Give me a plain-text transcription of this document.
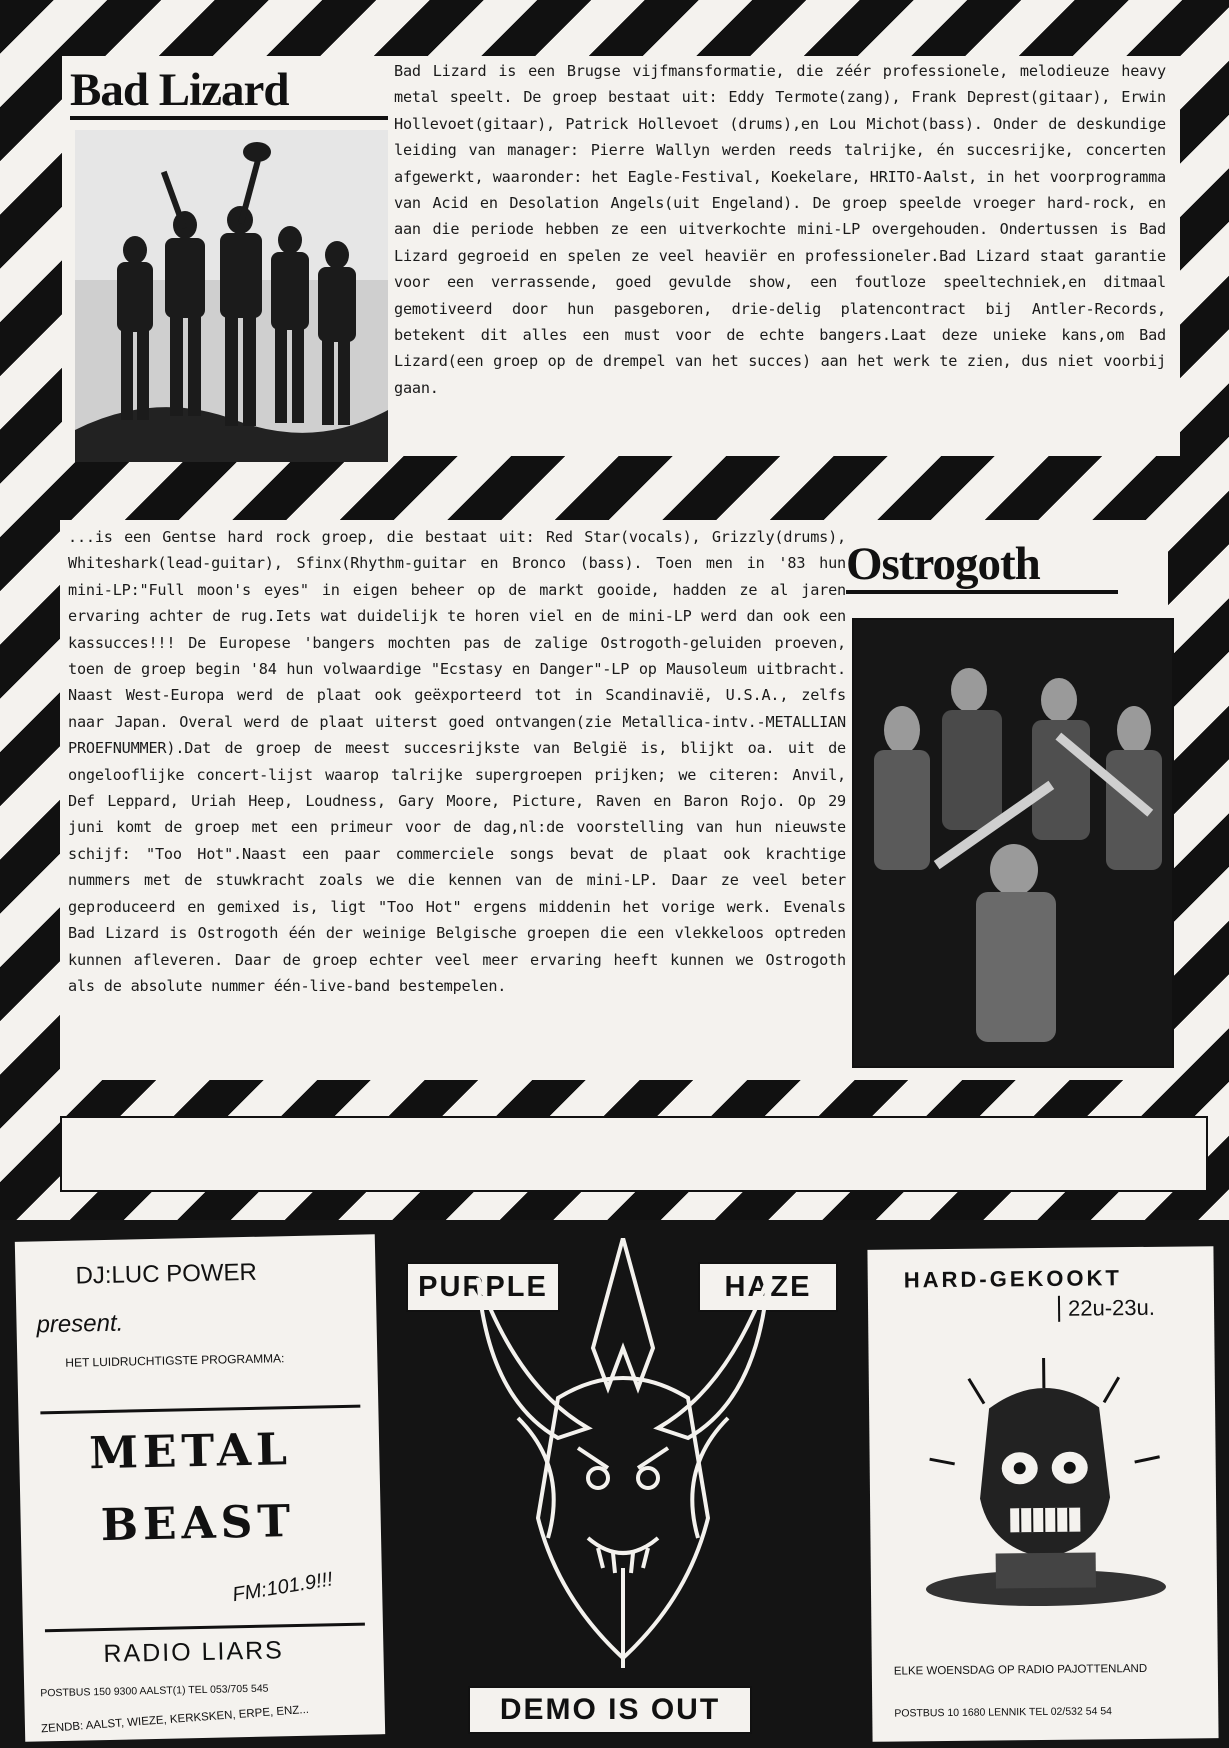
Bad Lizard	Bad Lizard is een Brugse vijfmansformatie, die zéér professionele, melodieuze heavy metal speelt. De groep bestaat uit: Eddy Termote(zang), Frank Deprest(gitaar), Erwin Hollevoet(gitaar), Patrick Hollevoet (drums),en Lou Michot(bass). Onder de deskundige leiding van manager: Pierre Wallyn werden reeds talrijke, én succesrijke, concerten afgewerkt, waaronder: het Eagle-Festival, Koekelare, HRITO-Aalst, in het voorprogramma van Acid en Desolation Angels(uit Engeland). De groep speelde vroeger hard-rock, en aan die periode hebben ze een uitverkochte mini-LP overgehouden. Ondertussen is Bad Lizard gegroeid en spelen ze veel heaviër en professioneler.Bad Lizard staat garantie voor een verrassende, goed gevulde show, een foutloze speeltechniek,en ditmaal gemotiveerd door hun pasgeboren, drie-delig platencontract bij Antler-Records, betekent dit alles een must voor de echte bangers.Laat deze unieke kans,om Bad Lizard(een groep op de drempel van het succes) aan het werk te zien, dus niet voorbij gaan.

...is een Gentse hard rock groep, die bestaat uit: Red Star(vocals), Grizzly(drums), Whiteshark(lead-guitar), Sfinx(Rhythm-guitar en Bronco (bass). Toen men in '83 hun mini-LP:"Full moon's eyes" in eigen beheer op de markt gooide, hadden ze al jaren ervaring achter de rug.Iets wat duidelijk te horen viel en de mini-LP werd dan ook een kassucces!!! De Europese 'bangers mochten pas de zalige Ostrogoth-geluiden proeven, toen de groep begin '84 hun volwaardige "Ecstasy en Danger"-LP op Mausoleum uitbracht. Naast West-Europa werd de plaat ook geëxporteerd tot in Scandinavië, U.S.A., zelfs naar Japan. Overal werd de plaat uiterst goed ontvangen(zie Metallica-intv.-METALLIAN PROEFNUMMER).Dat de groep de meest succesrijkste van België is, blijkt oa. uit de ongelooflijke concert-lijst waarop talrijke supergroepen prijken; we citeren: Anvil, Def Leppard, Uriah Heep, Loudness, Gary Moore, Picture, Raven en Baron Rojo. Op 29 juni komt de groep met een primeur voor de dag,nl:de voorstelling van hun nieuwste schijf: "Too Hot".Naast een paar commerciele songs bevat de plaat ook krachtige nummers met de stuwkracht zoals we die kennen van de mini-LP. Daar ze veel beter geproduceerd en gemixed is, ligt "Too Hot" ergens middenin het vorige werk. Evenals Bad Lizard is Ostrogoth één der weinige Belgische groepen die een vlekkeloos optreden kunnen afleveren. Daar de groep echter veel meer ervaring heeft kunnen we Ostrogoth als de absolute nummer één-live-band bestempelen.

Ostrogoth
DJ:LUC POWER
present.
HET LUIDRUCHTIGSTE PROGRAMMA:
METAL
BEAST
FM:101.9!!!
RADIO LIARS
POSTBUS 150 9300 AALST(1) TEL 053/705 545
ZENDB: AALST, WIEZE, KERKSKEN, ERPE, ENZ...
PURPLE	HAZE
DEMO IS OUT
HARD-GEKOOKT
22u-23u.
ELKE WOENSDAG OP RADIO PAJOTTENLAND
POSTBUS 10 1680 LENNIK TEL 02/532 54 54
